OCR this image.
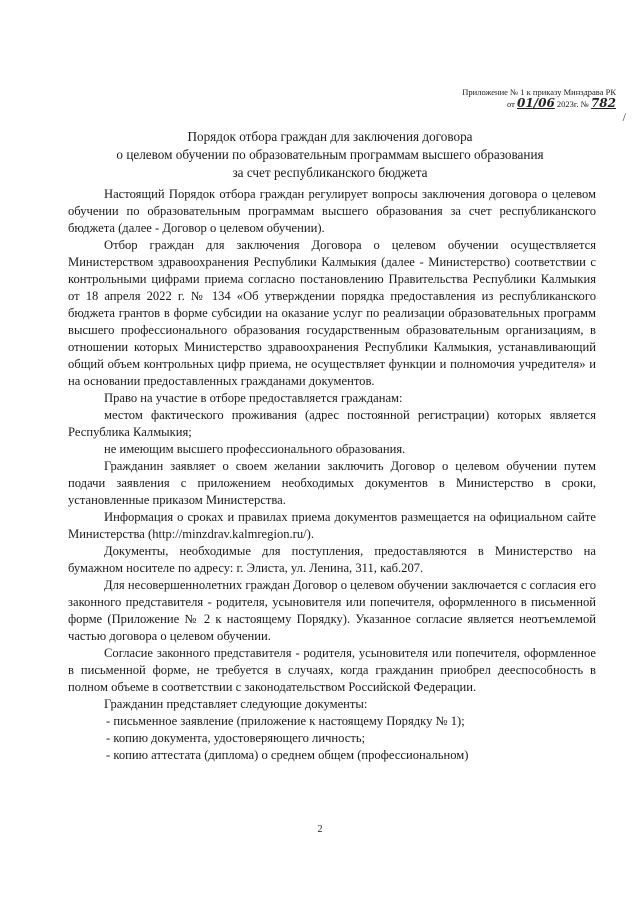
Приложение № 1 к приказу Минздрава РК
от 01/06 2023г. № 782
/
Порядок отбора граждан для заключения договора
о целевом обучении по образовательным программам высшего образования
за счет республиканского бюджета

Настоящий Порядок отбора граждан регулирует вопросы заключения договора о целевом обучении по образовательным программам высшего образования за счет республиканского бюджета (далее - Договор о целевом обучении).

Отбор граждан для заключения Договора о целевом обучении осуществляется Министерством здравоохранения Республики Калмыкия (далее - Министерство) соответствии с контрольными цифрами приема согласно постановлению Правительства Республики Калмыкия от 18 апреля 2022 г. № 134 «Об утверждении порядка предоставления из республиканского бюджета грантов в форме субсидии на оказание услуг по реализации образовательных программ высшего профессионального образования государственным образовательным организациям, в отношении которых Министерство здравоохранения Республики Калмыкия, устанавливающий общий объем контрольных цифр приема, не осуществляет функции и полномочия учредителя» и на основании предоставленных гражданами документов.

Право на участие в отборе предоставляется гражданам:

местом фактического проживания (адрес постоянной регистрации) которых является Республика Калмыкия;

не имеющим высшего профессионального образования.

Гражданин заявляет о своем желании заключить Договор о целевом обучении путем подачи заявления с приложением необходимых документов в Министерство в сроки, установленные приказом Министерства.

Информация о сроках и правилах приема документов размещается на официальном сайте Министерства (http://minzdrav.kalmregion.ru/).

Документы, необходимые для поступления, предоставляются в Министерство на бумажном носителе по адресу: г. Элиста, ул. Ленина, 311, каб.207.

Для несовершеннолетних граждан Договор о целевом обучении заключается с согласия его законного представителя - родителя, усыновителя или попечителя, оформленного в письменной форме (Приложение № 2 к настоящему Порядку). Указанное согласие является неотъемлемой частью договора о целевом обучении.

Согласие законного представителя - родителя, усыновителя или попечителя, оформленное в письменной форме, не требуется в случаях, когда гражданин приобрел дееспособность в полном объеме в соответствии с законодательством Российской Федерации.

Гражданин представляет следующие документы:

- письменное заявление (приложение к настоящему Порядку № 1);
- копию документа, удостоверяющего личность;
- копию аттестата (диплома) о среднем общем (профессиональном)
2
